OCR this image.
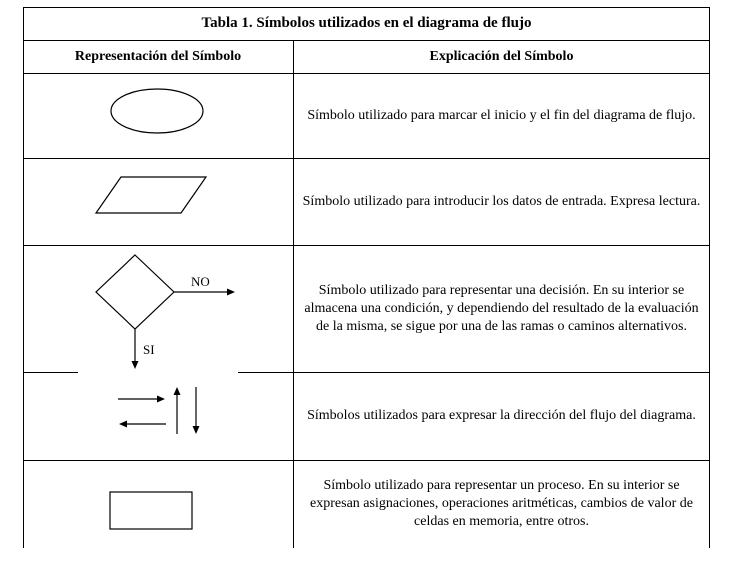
Tabla 1. Símbolos utilizados en el diagrama de flujo
Representación del Símbolo	Explicación del Símbolo
Símbolo utilizado para marcar el inicio y el fin del diagrama de flujo.
Símbolo utilizado para introducir los datos de entrada. Expresa lectura.
NO
SI
Símbolo utilizado para representar una decisión. En su interior se almacena una condición, y dependiendo del resultado de la evaluación de la misma, se sigue por una de las ramas o caminos alternativos.
Símbolos utilizados para expresar la dirección del flujo del diagrama.
Símbolo utilizado para representar un proceso. En su interior se expresan asignaciones, operaciones aritméticas, cambios de valor de celdas en memoria, entre otros.
